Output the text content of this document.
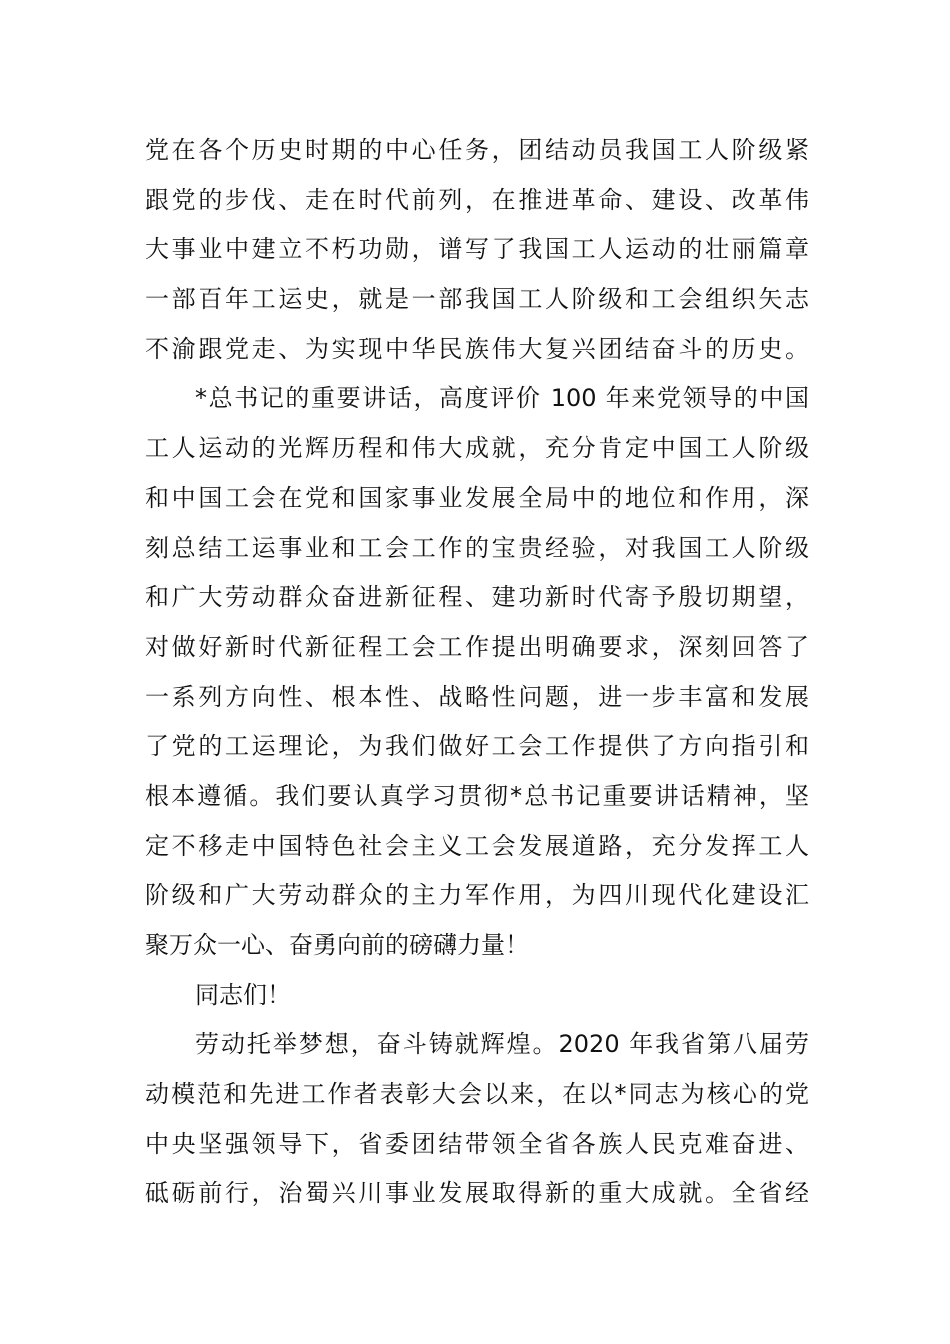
党在各个历史时期的中心任务，团结动员我国工人阶级紧
跟党的步伐、走在时代前列，在推进革命、建设、改革伟
大事业中建立不朽功勋，谱写了我国工人运动的壮丽篇章
一部百年工运史，就是一部我国工人阶级和工会组织矢志
不渝跟党走、为实现中华民族伟大复兴团结奋斗的历史。
*总书记的重要讲话，高度评价 100 年来党领导的中国
工人运动的光辉历程和伟大成就，充分肯定中国工人阶级
和中国工会在党和国家事业发展全局中的地位和作用，深
刻总结工运事业和工会工作的宝贵经验，对我国工人阶级
和广大劳动群众奋进新征程、建功新时代寄予殷切期望，
对做好新时代新征程工会工作提出明确要求，深刻回答了
一系列方向性、根本性、战略性问题，进一步丰富和发展
了党的工运理论，为我们做好工会工作提供了方向指引和
根本遵循。我们要认真学习贯彻*总书记重要讲话精神，坚
定不移走中国特色社会主义工会发展道路，充分发挥工人
阶级和广大劳动群众的主力军作用，为四川现代化建设汇
聚万众一心、奋勇向前的磅礴力量！
同志们！
劳动托举梦想，奋斗铸就辉煌。2020 年我省第八届劳
动模范和先进工作者表彰大会以来，在以*同志为核心的党
中央坚强领导下，省委团结带领全省各族人民克难奋进、
砥砺前行，治蜀兴川事业发展取得新的重大成就。全省经
